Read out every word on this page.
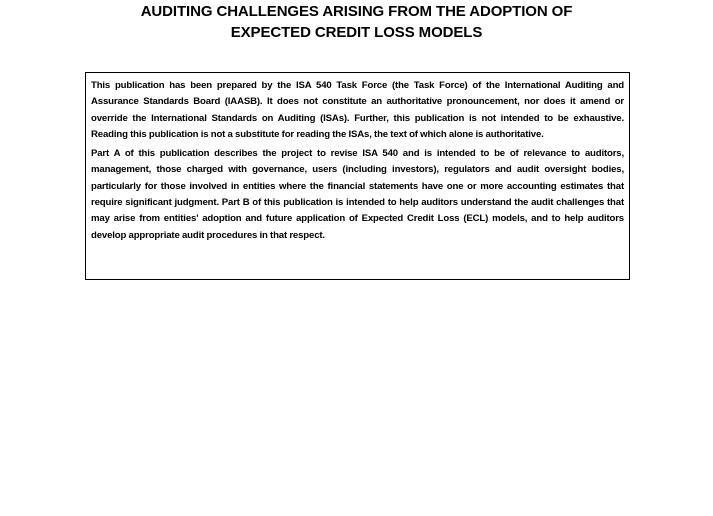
AUDITING CHALLENGES ARISING FROM THE ADOPTION OF
EXPECTED CREDIT LOSS MODELS

This publication has been prepared by the ISA 540 Task Force (the Task Force) of the International Auditing and Assurance Standards Board (IAASB). It does not constitute an authoritative pronouncement, nor does it amend or override the International Standards on Auditing (ISAs). Further, this publication is not intended to be exhaustive. Reading this publication is not a substitute for reading the ISAs, the text of which alone is authoritative.

Part A of this publication describes the project to revise ISA 540 and is intended to be of relevance to auditors, management, those charged with governance, users (including investors), regulators and audit oversight bodies, particularly for those involved in entities where the financial statements have one or more accounting estimates that require significant judgment. Part B of this publication is intended to help auditors understand the audit challenges that may arise from entities' adoption and future application of Expected Credit Loss (ECL) models, and to help auditors develop appropriate audit procedures in that respect.
